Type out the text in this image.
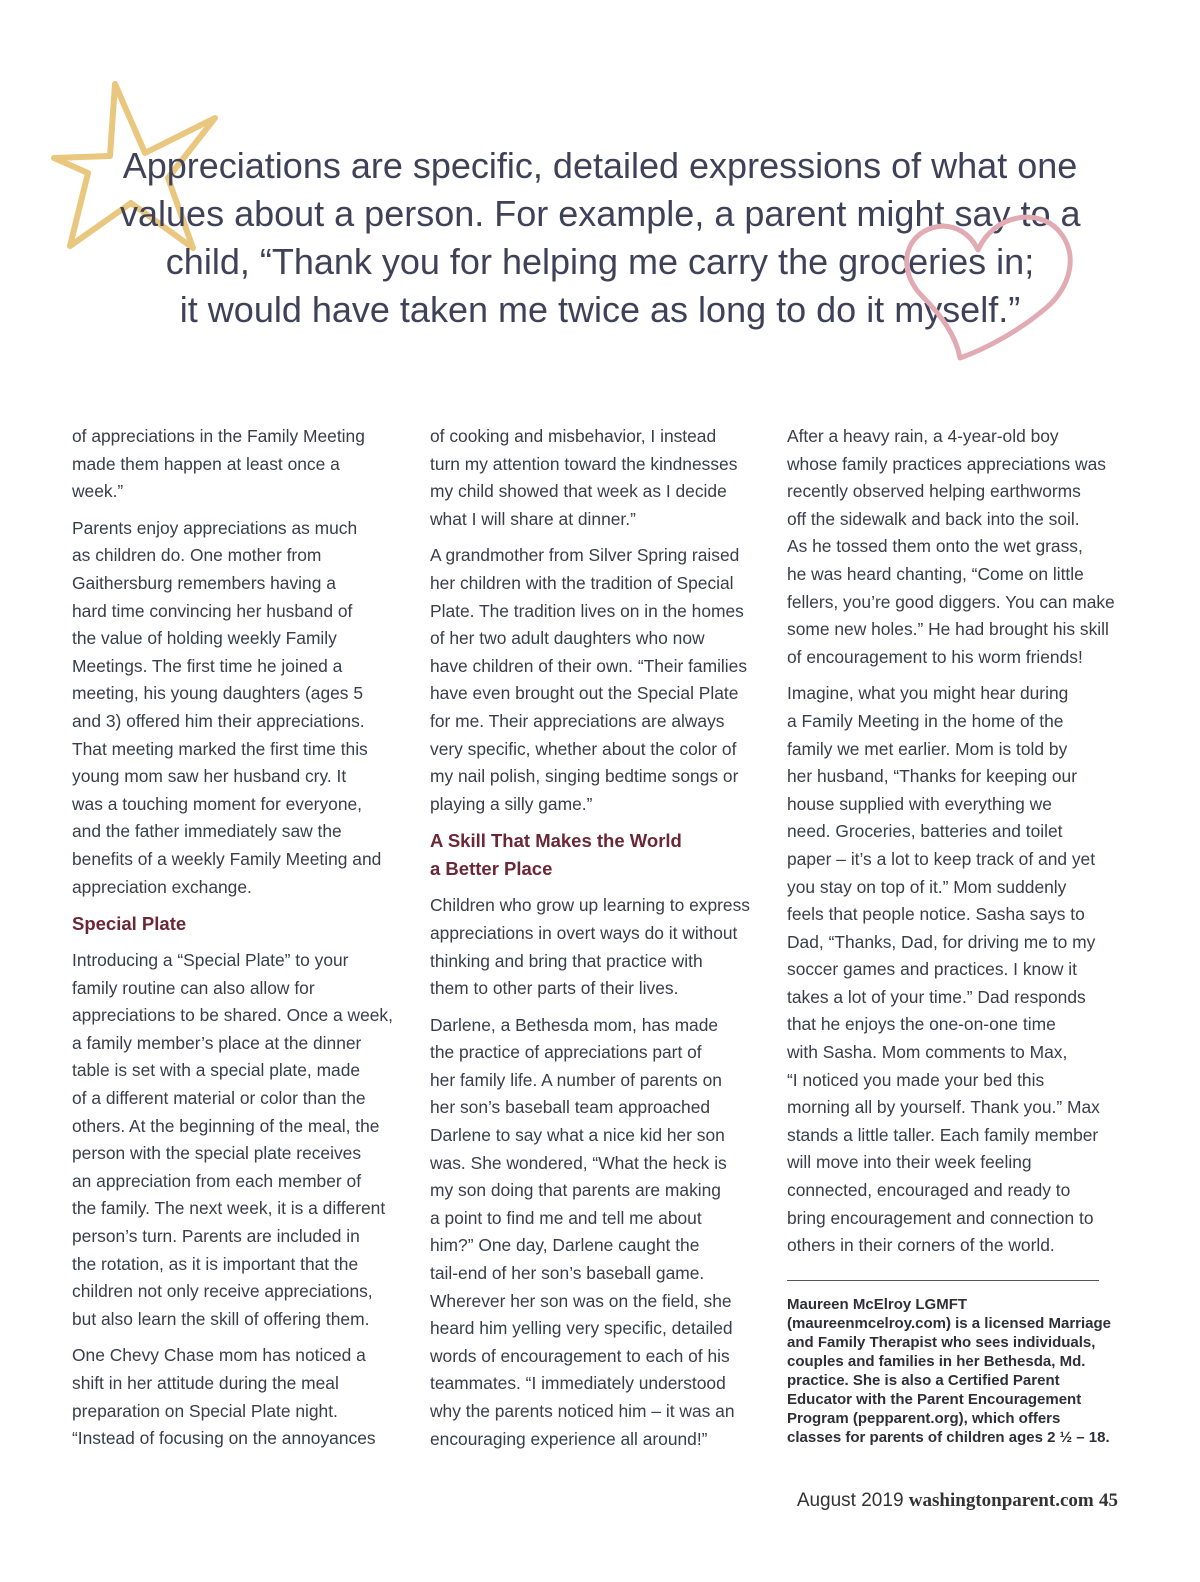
Appreciations are specific, detailed expressions of what one
values about a person. For example, a parent might say to a
child, “Thank you for helping me carry the groceries in;
it would have taken me twice as long to do it myself.”

of appreciations in the Family Meeting
made them happen at least once a
week.”

Parents enjoy appreciations as much
as children do. One mother from
Gaithersburg remembers having a
hard time convincing her husband of
the value of holding weekly Family
Meetings. The first time he joined a
meeting, his young daughters (ages 5
and 3) offered him their appreciations.
That meeting marked the first time this
young mom saw her husband cry. It
was a touching moment for everyone,
and the father immediately saw the
benefits of a weekly Family Meeting and
appreciation exchange.

Special Plate

Introducing a “Special Plate” to your
family routine can also allow for
appreciations to be shared. Once a week,
a family member’s place at the dinner
table is set with a special plate, made
of a different material or color than the
others. At the beginning of the meal, the
person with the special plate receives
an appreciation from each member of
the family. The next week, it is a different
person’s turn. Parents are included in
the rotation, as it is important that the
children not only receive appreciations,
but also learn the skill of offering them.

One Chevy Chase mom has noticed a
shift in her attitude during the meal
preparation on Special Plate night.
“Instead of focusing on the annoyances

of cooking and misbehavior, I instead
turn my attention toward the kindnesses
my child showed that week as I decide
what I will share at dinner.”

A grandmother from Silver Spring raised
her children with the tradition of Special
Plate. The tradition lives on in the homes
of her two adult daughters who now
have children of their own. “Their families
have even brought out the Special Plate
for me. Their appreciations are always
very specific, whether about the color of
my nail polish, singing bedtime songs or
playing a silly game.”

A Skill That Makes the World
a Better Place

Children who grow up learning to express
appreciations in overt ways do it without
thinking and bring that practice with
them to other parts of their lives.

Darlene, a Bethesda mom, has made
the practice of appreciations part of
her family life. A number of parents on
her son’s baseball team approached
Darlene to say what a nice kid her son
was. She wondered, “What the heck is
my son doing that parents are making
a point to find me and tell me about
him?” One day, Darlene caught the
tail-end of her son’s baseball game.
Wherever her son was on the field, she
heard him yelling very specific, detailed
words of encouragement to each of his
teammates. “I immediately understood
why the parents noticed him – it was an
encouraging experience all around!”

After a heavy rain, a 4-year-old boy
whose family practices appreciations was
recently observed helping earthworms
off the sidewalk and back into the soil.
As he tossed them onto the wet grass,
he was heard chanting, “Come on little
fellers, you’re good diggers. You can make
some new holes.” He had brought his skill
of encouragement to his worm friends!

Imagine, what you might hear during
a Family Meeting in the home of the
family we met earlier. Mom is told by
her husband, “Thanks for keeping our
house supplied with everything we
need. Groceries, batteries and toilet
paper – it’s a lot to keep track of and yet
you stay on top of it.” Mom suddenly
feels that people notice. Sasha says to
Dad, “Thanks, Dad, for driving me to my
soccer games and practices. I know it
takes a lot of your time.” Dad responds
that he enjoys the one-on-one time
with Sasha. Mom comments to Max,
“I noticed you made your bed this
morning all by yourself. Thank you.” Max
stands a little taller. Each family member
will move into their week feeling
connected, encouraged and ready to
bring encouragement and connection to
others in their corners of the world.

Maureen McElroy LGMFT
(maureenmcelroy.com) is a licensed Marriage
and Family Therapist who sees individuals,
couples and families in her Bethesda, Md.
practice. She is also a Certified Parent
Educator with the Parent Encouragement
Program (pepparent.org), which offers
classes for parents of children ages 2 ½ – 18.

August 2019 washingtonparent.com 45
